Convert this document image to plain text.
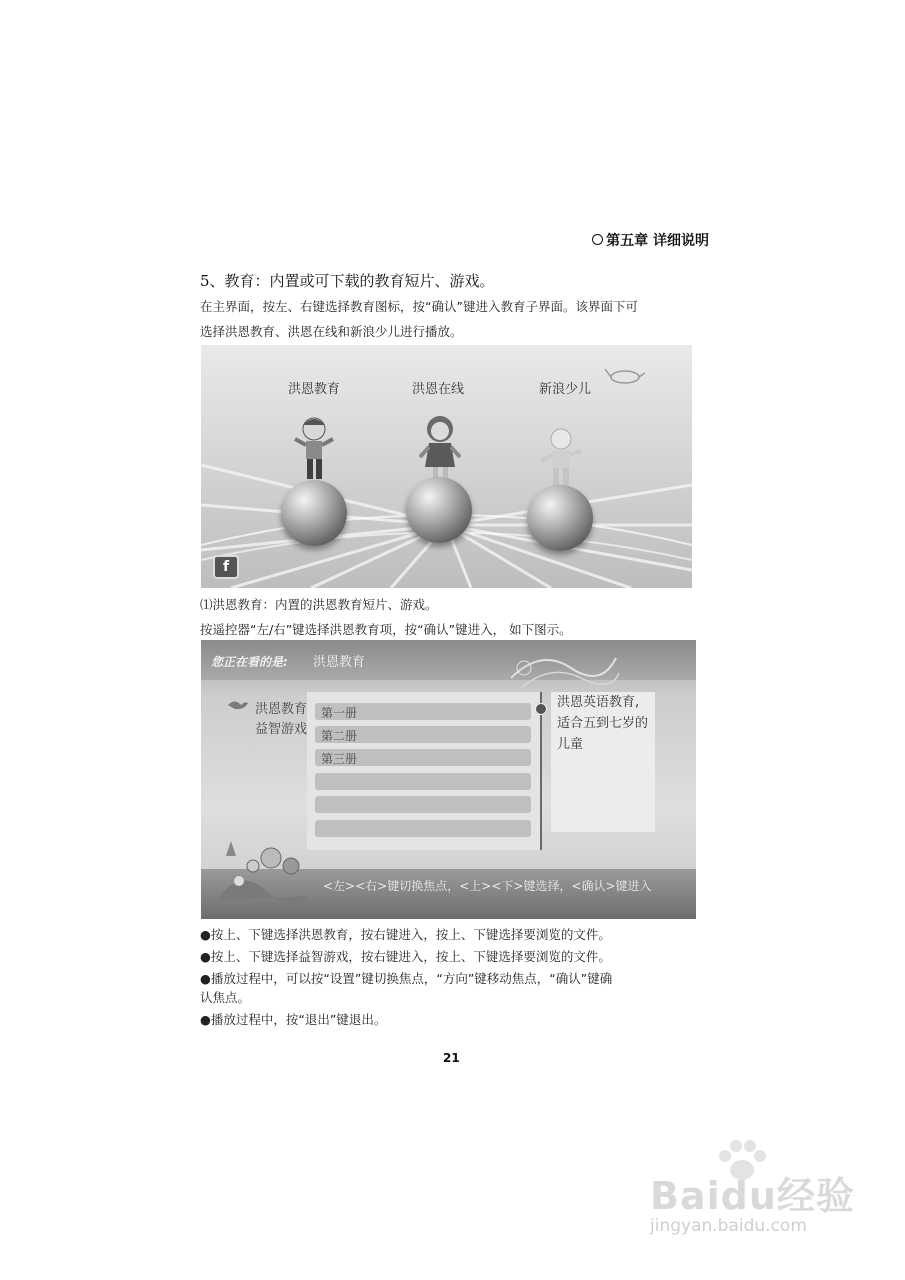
第五章 详细说明
5、教育：内置或可下载的教育短片、游戏。
在主界面，按左、右键选择教育图标，按“确认”键进入教育子界面。该界面下可
选择洪恩教育、洪恩在线和新浪少儿进行播放。
洪恩教育	洪恩在线	新浪少儿
f
⑴洪恩教育：内置的洪恩教育短片、游戏。
按遥控器“左/右”键选择洪恩教育项，按“确认”键进入， 如下图示。
您正在看的是: 洪恩教育
洪恩教育
益智游戏
第一册
第二册
第三册
洪恩英语教育,
适合五到七岁的
儿童
<左><右>键切换焦点，<上><下>键选择，<确认>键进入
●按上、下键选择洪恩教育，按右键进入，按上、下键选择要浏览的文件。
●按上、下键选择益智游戏，按右键进入，按上、下键选择要浏览的文件。
●播放过程中，可以按“设置”键切换焦点，“方向”键移动焦点，“确认”键确
认焦点。
●播放过程中，按“退出”键退出。
21
Baidu经验
jingyan.baidu.com
